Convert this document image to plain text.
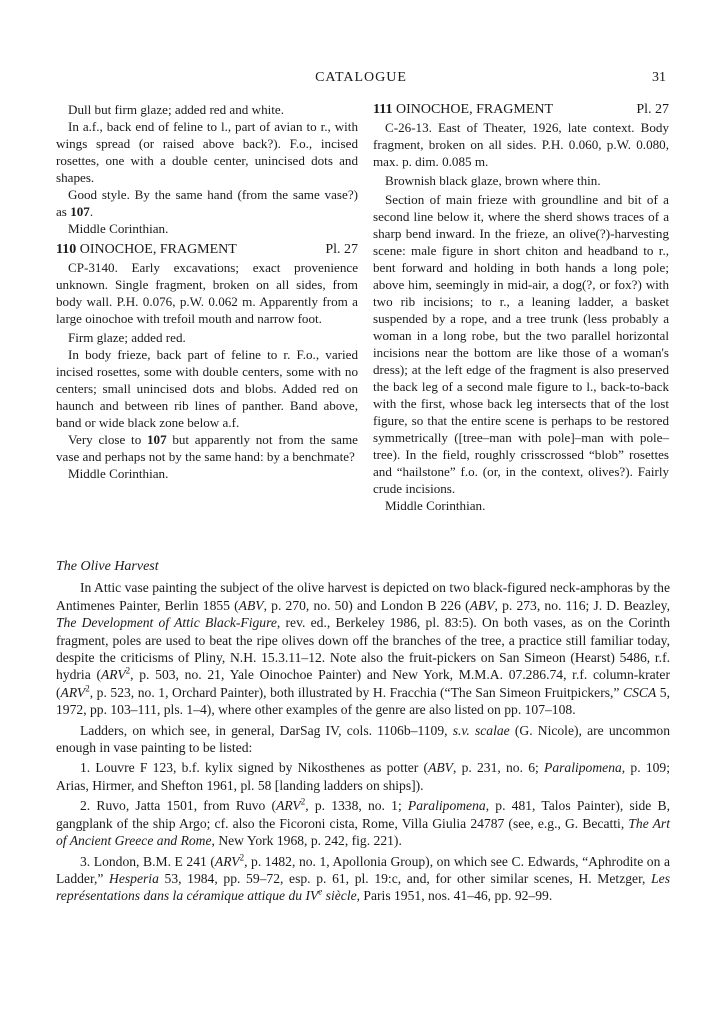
CATALOGUE	31

Dull but firm glaze; added red and white.

In a.f., back end of feline to l., part of avian to r., with wings spread (or raised above back?). F.o., incised rosettes, one with a double center, unincised dots and shapes.

Good style. By the same hand (from the same vase?) as 107.

Middle Corinthian.

110 OINOCHOE, FRAGMENT	Pl. 27

CP-3140. Early excavations; exact provenience unknown. Single fragment, broken on all sides, from body wall. P.H. 0.076, p.W. 0.062 m. Apparently from a large oinochoe with trefoil mouth and narrow foot.

Firm glaze; added red.

In body frieze, back part of feline to r. F.o., varied incised rosettes, some with double centers, some with no centers; small unincised dots and blobs. Added red on haunch and between rib lines of panther. Band above, band or wide black zone below a.f.

Very close to 107 but apparently not from the same vase and perhaps not by the same hand: by a benchmate?

Middle Corinthian.

111 OINOCHOE, FRAGMENT	Pl. 27

C-26-13. East of Theater, 1926, late context. Body fragment, broken on all sides. P.H. 0.060, p.W. 0.080, max. p. dim. 0.085 m.

Brownish black glaze, brown where thin.

Section of main frieze with groundline and bit of a second line below it, where the sherd shows traces of a sharp bend inward. In the frieze, an olive(?)-harvesting scene: male figure in short chiton and headband to r., bent forward and holding in both hands a long pole; above him, seemingly in mid-air, a dog(?, or fox?) with two rib incisions; to r., a leaning ladder, a basket suspended by a rope, and a tree trunk (less probably a woman in a long robe, but the two parallel horizontal incisions near the bottom are like those of a woman's dress); at the left edge of the fragment is also preserved the back leg of a second male figure to l., back-to-back with the first, whose back leg intersects that of the lost figure, so that the entire scene is perhaps to be restored symmetrically ([tree–man with pole]–man with pole–tree). In the field, roughly crisscrossed “blob” rosettes and “hailstone” f.o. (or, in the context, olives?). Fairly crude incisions.

Middle Corinthian.

The Olive Harvest

In Attic vase painting the subject of the olive harvest is depicted on two black-figured neck-amphoras by the Antimenes Painter, Berlin 1855 (ABV, p. 270, no. 50) and London B 226 (ABV, p. 273, no. 116; J. D. Beazley, The Development of Attic Black-Figure, rev. ed., Berkeley 1986, pl. 83:5). On both vases, as on the Corinth fragment, poles are used to beat the ripe olives down off the branches of the tree, a practice still familiar today, despite the criticisms of Pliny, N.H. 15.3.11–12. Note also the fruit-pickers on San Simeon (Hearst) 5486, r.f. hydria (ARV$^2$, p. 503, no. 21, Yale Oinochoe Painter) and New York, M.M.A. 07.286.74, r.f. column-krater (ARV$^2$, p. 523, no. 1, Orchard Painter), both illustrated by H. Fracchia (“The San Simeon Fruitpickers,” CSCA 5, 1972, pp. 103–111, pls. 1–4), where other examples of the genre are also listed on pp. 107–108.

Ladders, on which see, in general, DarSag IV, cols. 1106b–1109, s.v. scalae (G. Nicole), are uncommon enough in vase painting to be listed:

1. Louvre F 123, b.f. kylix signed by Nikosthenes as potter (ABV, p. 231, no. 6; Paralipomena, p. 109; Arias, Hirmer, and Shefton 1961, pl. 58 [landing ladders on ships]).

2. Ruvo, Jatta 1501, from Ruvo (ARV$^2$, p. 1338, no. 1; Paralipomena, p. 481, Talos Painter), side B, gangplank of the ship Argo; cf. also the Ficoroni cista, Rome, Villa Giulia 24787 (see, e.g., G. Becatti, The Art of Ancient Greece and Rome, New York 1968, p. 242, fig. 221).

3. London, B.M. E 241 (ARV$^2$, p. 1482, no. 1, Apollonia Group), on which see C. Edwards, “Aphrodite on a Ladder,” Hesperia 53, 1984, pp. 59–72, esp. p. 61, pl. 19:c, and, for other similar scenes, H. Metzger, Les représentations dans la céramique attique du IVe siècle, Paris 1951, nos. 41–46, pp. 92–99.
